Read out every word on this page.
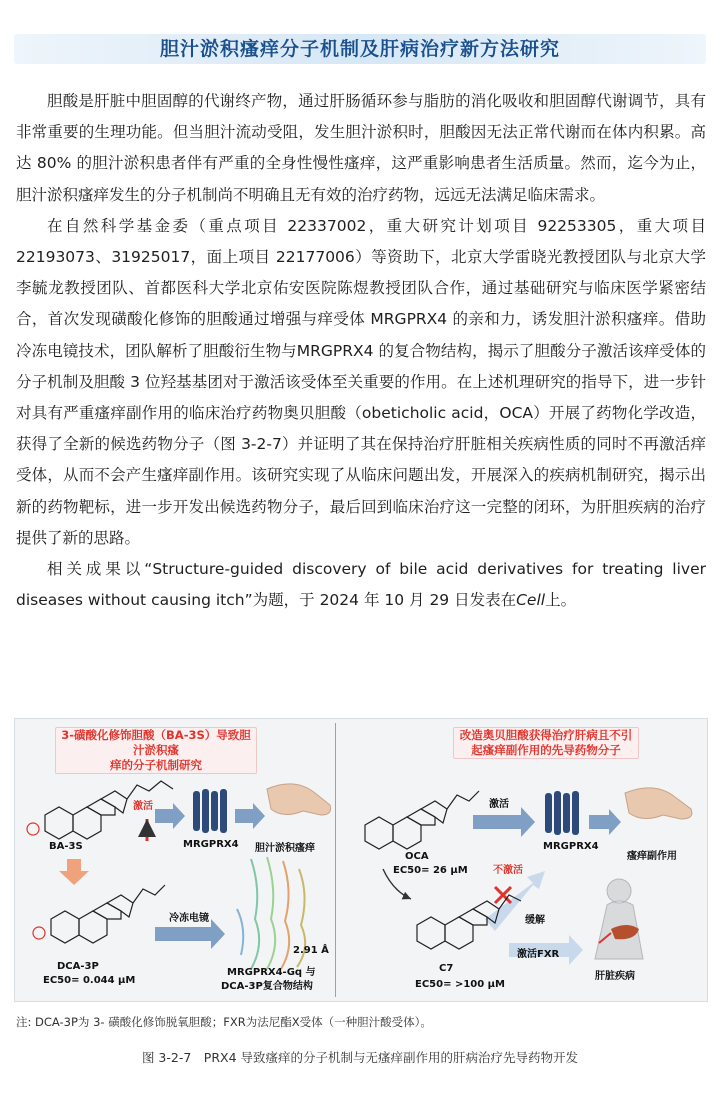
胆汁淤积瘙痒分子机制及肝病治疗新方法研究

胆酸是肝脏中胆固醇的代谢终产物，通过肝肠循环参与脂肪的消化吸收和胆固醇代谢调节，具有非常重要的生理功能。但当胆汁流动受阻，发生胆汁淤积时，胆酸因无法正常代谢而在体内积累。高达 80% 的胆汁淤积患者伴有严重的全身性慢性瘙痒，这严重影响患者生活质量。然而，迄今为止，胆汁淤积瘙痒发生的分子机制尚不明确且无有效的治疗药物，远远无法满足临床需求。

在自然科学基金委（重点项目 22337002，重大研究计划项目 92253305，重大项目 22193073、31925017，面上项目 22177006）等资助下，北京大学雷晓光教授团队与北京大学李毓龙教授团队、首都医科大学北京佑安医院陈煜教授团队合作，通过基础研究与临床医学紧密结合，首次发现磺酸化修饰的胆酸通过增强与痒受体 MRGPRX4 的亲和力，诱发胆汁淤积瘙痒。借助冷冻电镜技术，团队解析了胆酸衍生物与MRGPRX4 的复合物结构，揭示了胆酸分子激活该痒受体的分子机制及胆酸 3 位羟基基团对于激活该受体至关重要的作用。在上述机理研究的指导下，进一步针对具有严重瘙痒副作用的临床治疗药物奥贝胆酸（obeticholic acid，OCA）开展了药物化学改造，获得了全新的候选药物分子（图 3-2-7）并证明了其在保持治疗肝脏相关疾病性质的同时不再激活痒受体，从而不会产生瘙痒副作用。该研究实现了从临床问题出发，开展深入的疾病机制研究，揭示出新的药物靶标，进一步开发出候选药物分子，最后回到临床治疗这一完整的闭环，为肝胆疾病的治疗提供了新的思路。

相关成果以“Structure-guided discovery of bile acid derivatives for treating liver diseases without causing itch”为题，于 2024 年 10 月 29 日发表在Cell上。

3-磺酸化修饰胆酸（BA-3S）导致胆汁淤积瘙
痒的分子机制研究
改造奥贝胆酸获得治疗肝病且不引
起瘙痒副作用的先导药物分子
BA-3S
激活
MRGPRX4 胆汁淤积瘙痒
冷冻电镜
2.91 Å
DCA-3P
EC50= 0.044 μM
MRGPRX4-Gq 与
DCA-3P复合物结构
OCA
EC50= 26 μM
激活
MRGPRX4
瘙痒副作用
不激活
缓解
激活FXR
C7
EC50= >100 μM
肝脏疾病
注: DCA-3P为 3- 磺酸化修饰脱氧胆酸；FXR为法尼酯X受体（一种胆汁酸受体）。
图 3-2-7　PRX4 导致瘙痒的分子机制与无瘙痒副作用的肝病治疗先导药物开发
